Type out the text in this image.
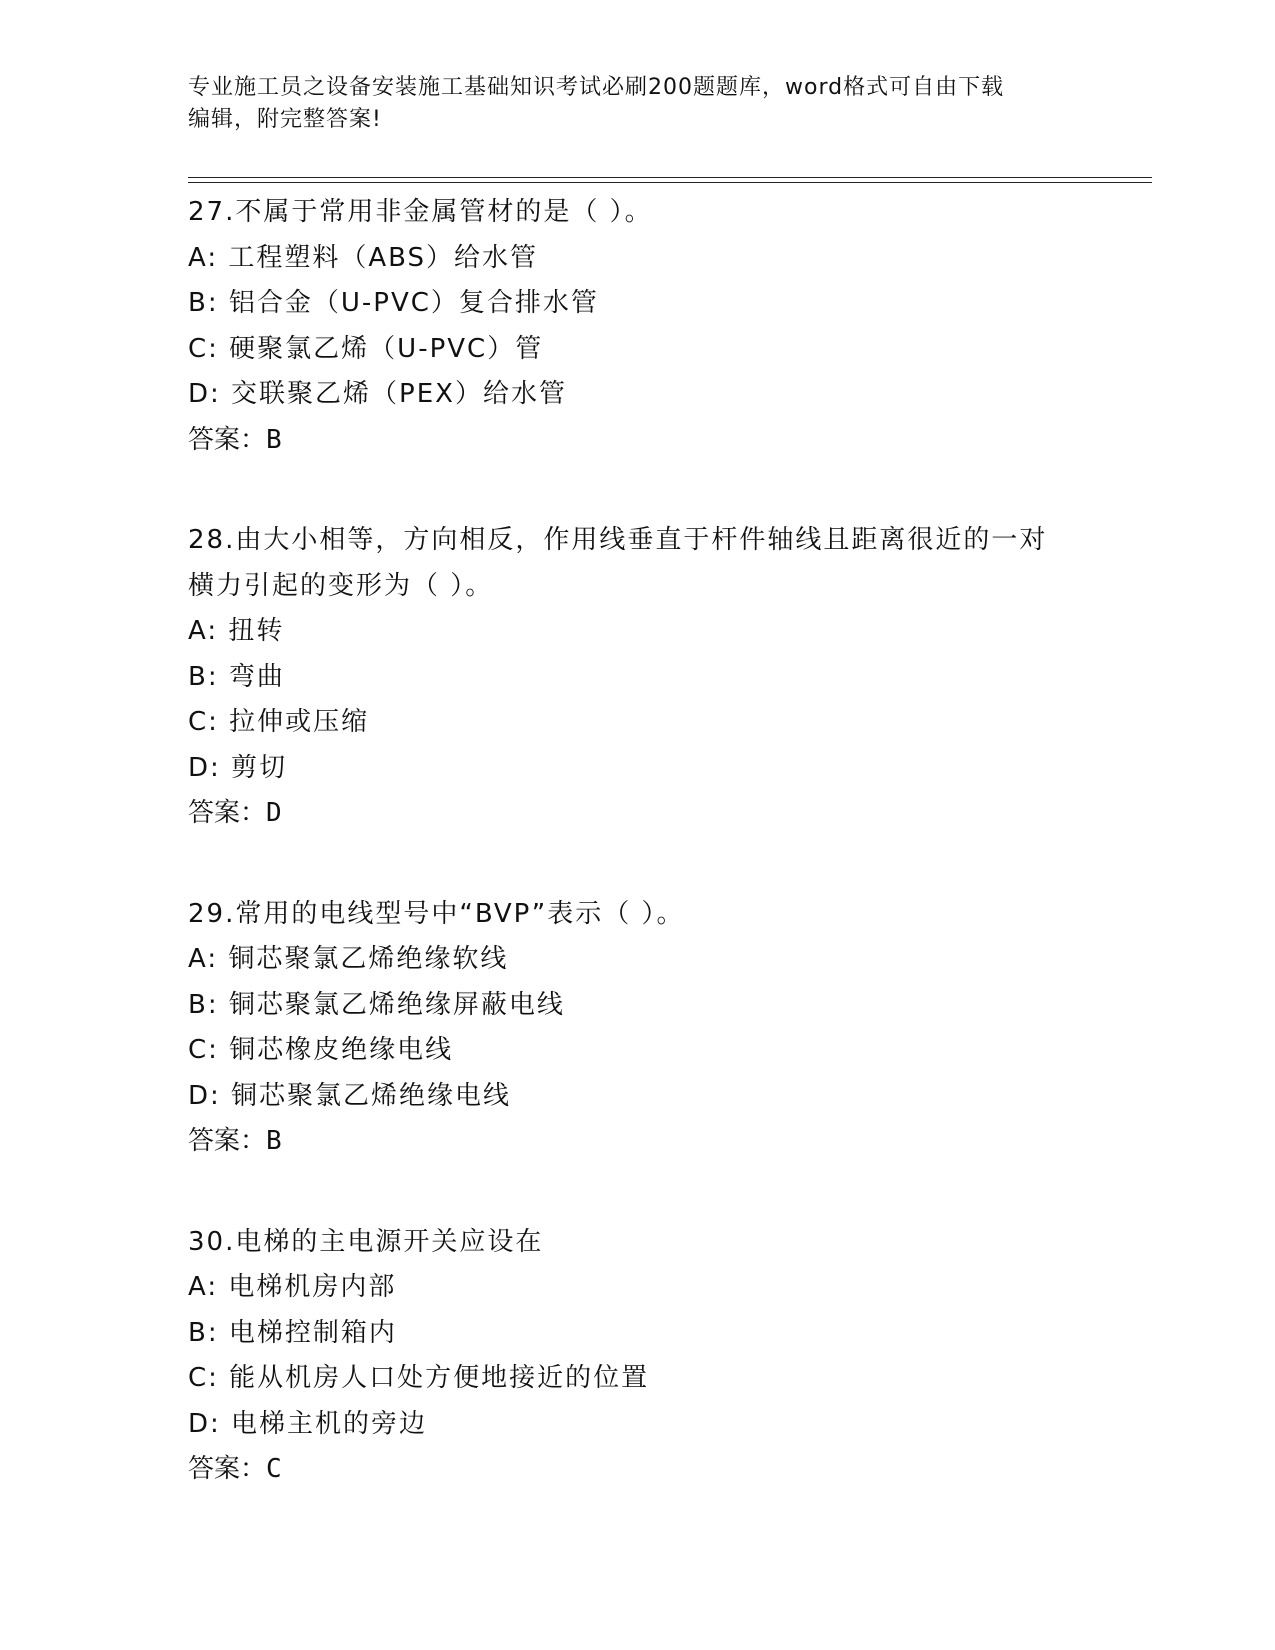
专业施工员之设备安装施工基础知识考试必刷200题题库，word格式可自由下载
编辑，附完整答案!
27.不属于常用非金属管材的是（ ）。
A: 工程塑料（ABS）给水管
B: 铝合金（U-PVC）复合排水管
C: 硬聚氯乙烯（U-PVC）管
D: 交联聚乙烯（PEX）给水管
答案：B
28.由大小相等，方向相反，作用线垂直于杆件轴线且距离很近的一对
横力引起的变形为（ ）。
A: 扭转
B: 弯曲
C: 拉伸或压缩
D: 剪切
答案：D
29.常用的电线型号中“BVP”表示（ ）。
A: 铜芯聚氯乙烯绝缘软线
B: 铜芯聚氯乙烯绝缘屏蔽电线
C: 铜芯橡皮绝缘电线
D: 铜芯聚氯乙烯绝缘电线
答案：B
30.电梯的主电源开关应设在
A: 电梯机房内部
B: 电梯控制箱内
C: 能从机房人口处方便地接近的位置
D: 电梯主机的旁边
答案：C
